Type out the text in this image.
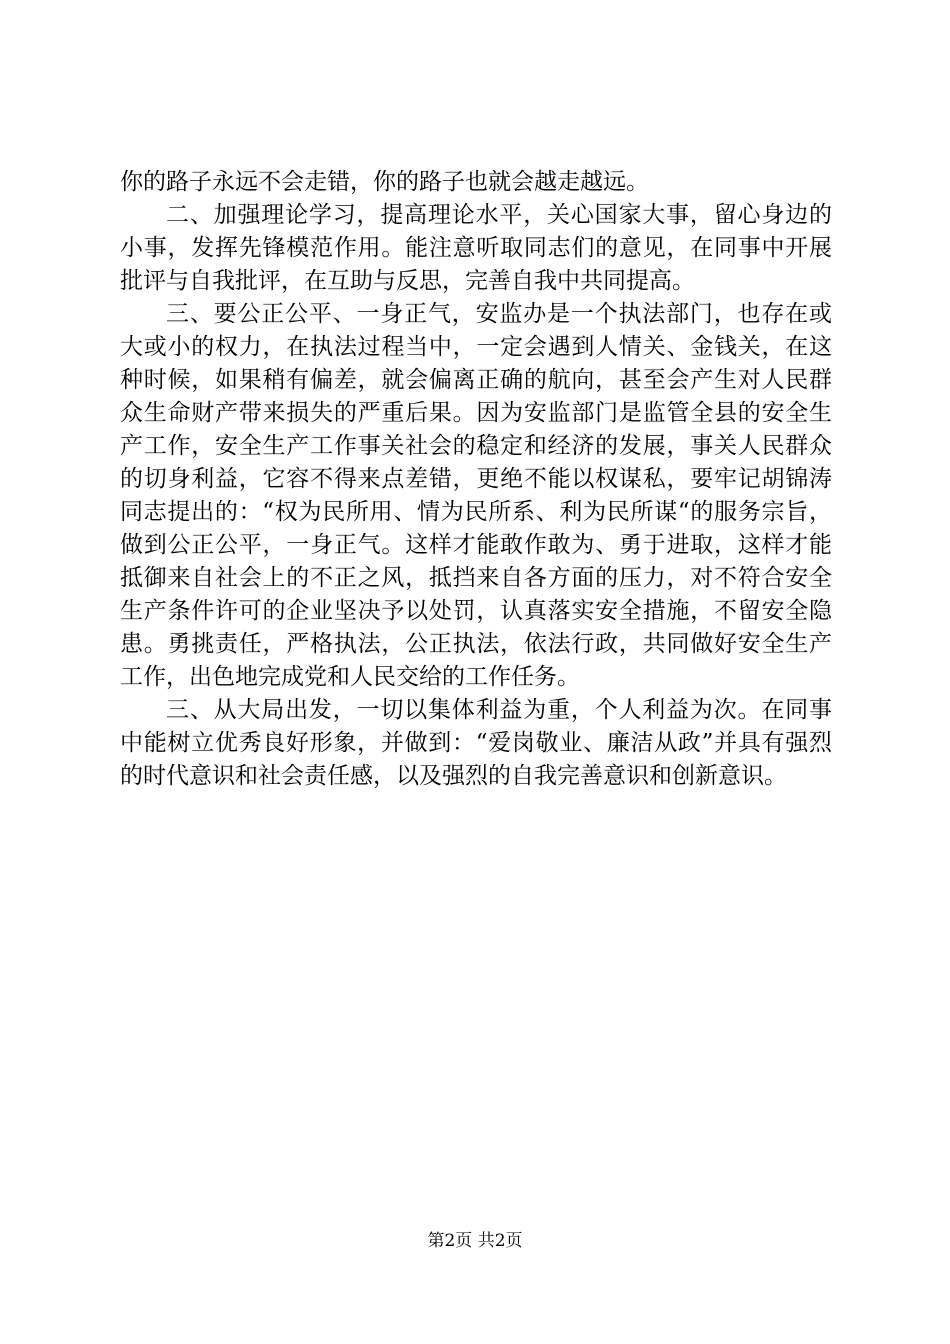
你的路子永远不会走错，你的路子也就会越走越远。

二、加强理论学习，提高理论水平，关心国家大事，留心身边的小事，发挥先锋模范作用。能注意听取同志们的意见，在同事中开展批评与自我批评，在互助与反思，完善自我中共同提高。

三、要公正公平、一身正气，安监办是一个执法部门，也存在或大或小的权力，在执法过程当中，一定会遇到人情关、金钱关，在这种时候，如果稍有偏差，就会偏离正确的航向，甚至会产生对人民群众生命财产带来损失的严重后果。因为安监部门是监管全县的安全生产工作，安全生产工作事关社会的稳定和经济的发展，事关人民群众的切身利益，它容不得来点差错，更绝不能以权谋私，要牢记胡锦涛同志提出的：“权为民所用、情为民所系、利为民所谋“的服务宗旨，做到公正公平，一身正气。这样才能敢作敢为、勇于进取，这样才能抵御来自社会上的不正之风，抵挡来自各方面的压力，对不符合安全生产条件许可的企业坚决予以处罚，认真落实安全措施，不留安全隐患。勇挑责任，严格执法，公正执法，依法行政，共同做好安全生产工作，出色地完成党和人民交给的工作任务。

三、从大局出发，一切以集体利益为重，个人利益为次。在同事中能树立优秀良好形象，并做到：“爱岗敬业、廉洁从政”并具有强烈的时代意识和社会责任感，以及强烈的自我完善意识和创新意识。

第2页 共2页
